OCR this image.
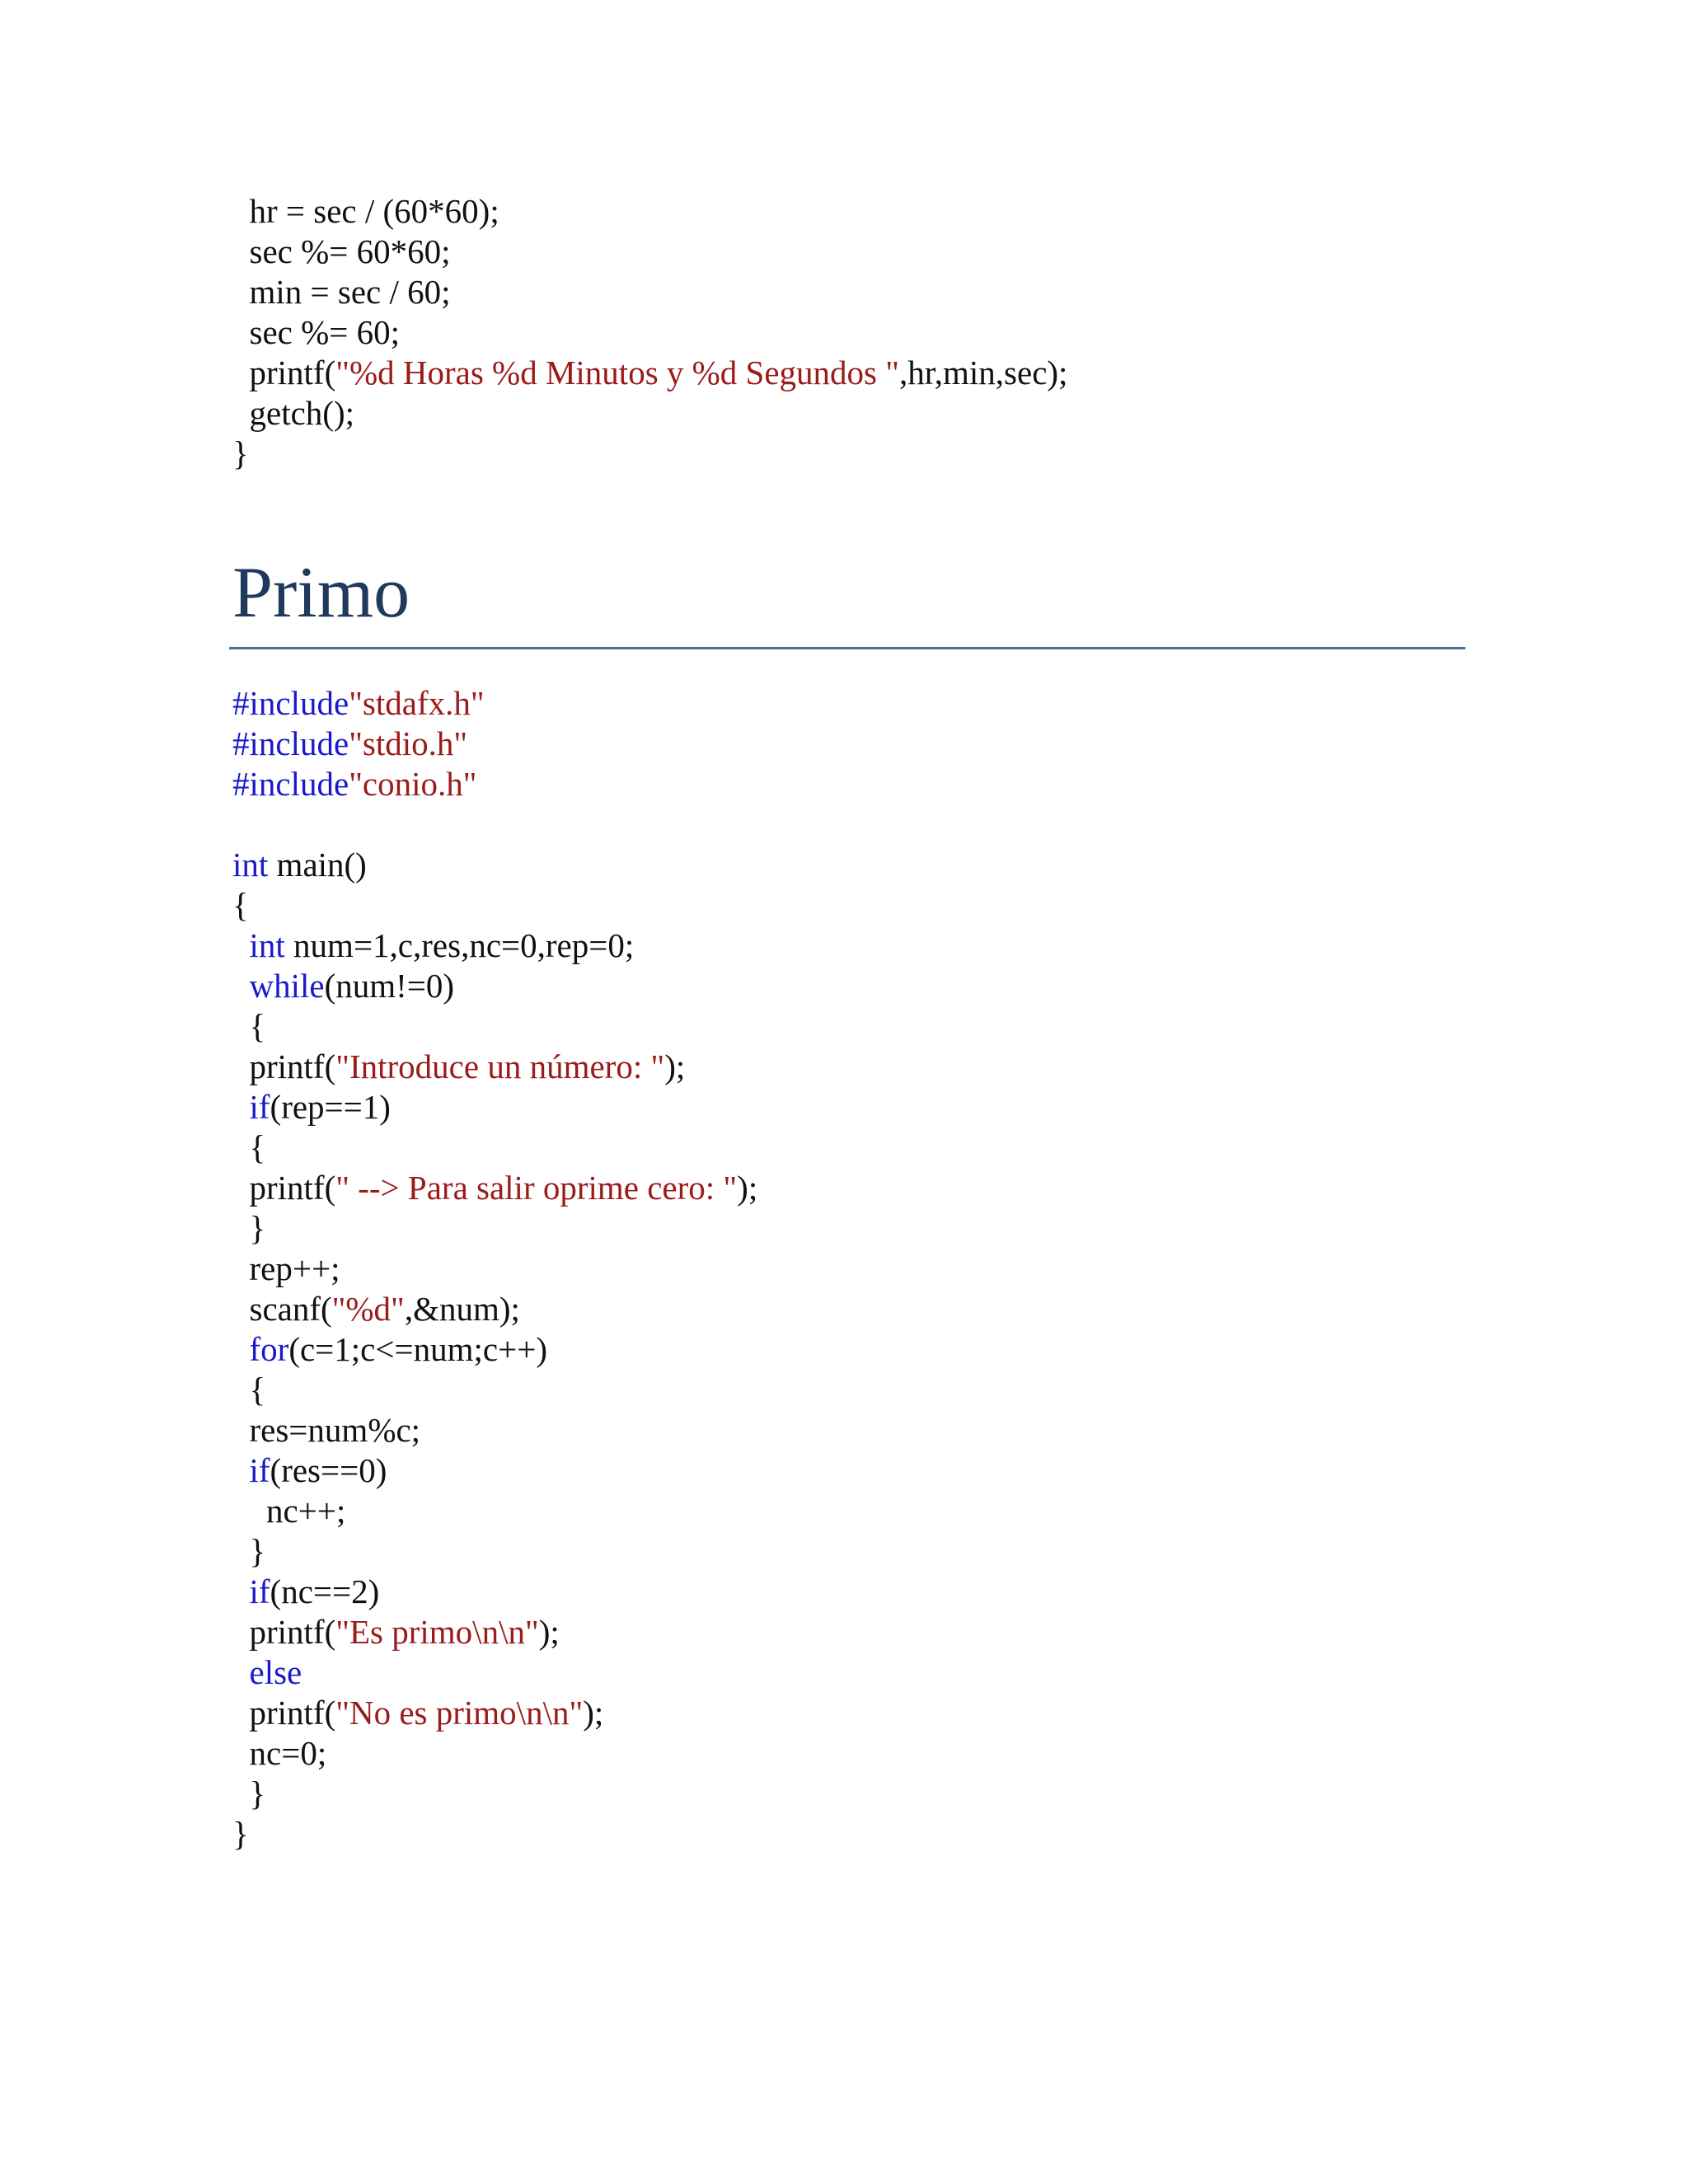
hr = sec / (60*60);
sec %= 60*60;
min = sec / 60;
sec %= 60;
printf("%d Horas %d Minutos y %d Segundos ",hr,min,sec);
getch();
}
Primo
#include"stdafx.h"
#include"stdio.h"
#include"conio.h"
int main()
{
int num=1,c,res,nc=0,rep=0;
while(num!=0)
{
printf("Introduce un número: ");
if(rep==1)
{
printf(" --> Para salir oprime cero: ");
}
rep++;
scanf("%d",&num);
for(c=1;c<=num;c++)
{
res=num%c;
if(res==0)
nc++;
}
if(nc==2)
printf("Es primo\n\n");
else
printf("No es primo\n\n");
nc=0;
}
}
